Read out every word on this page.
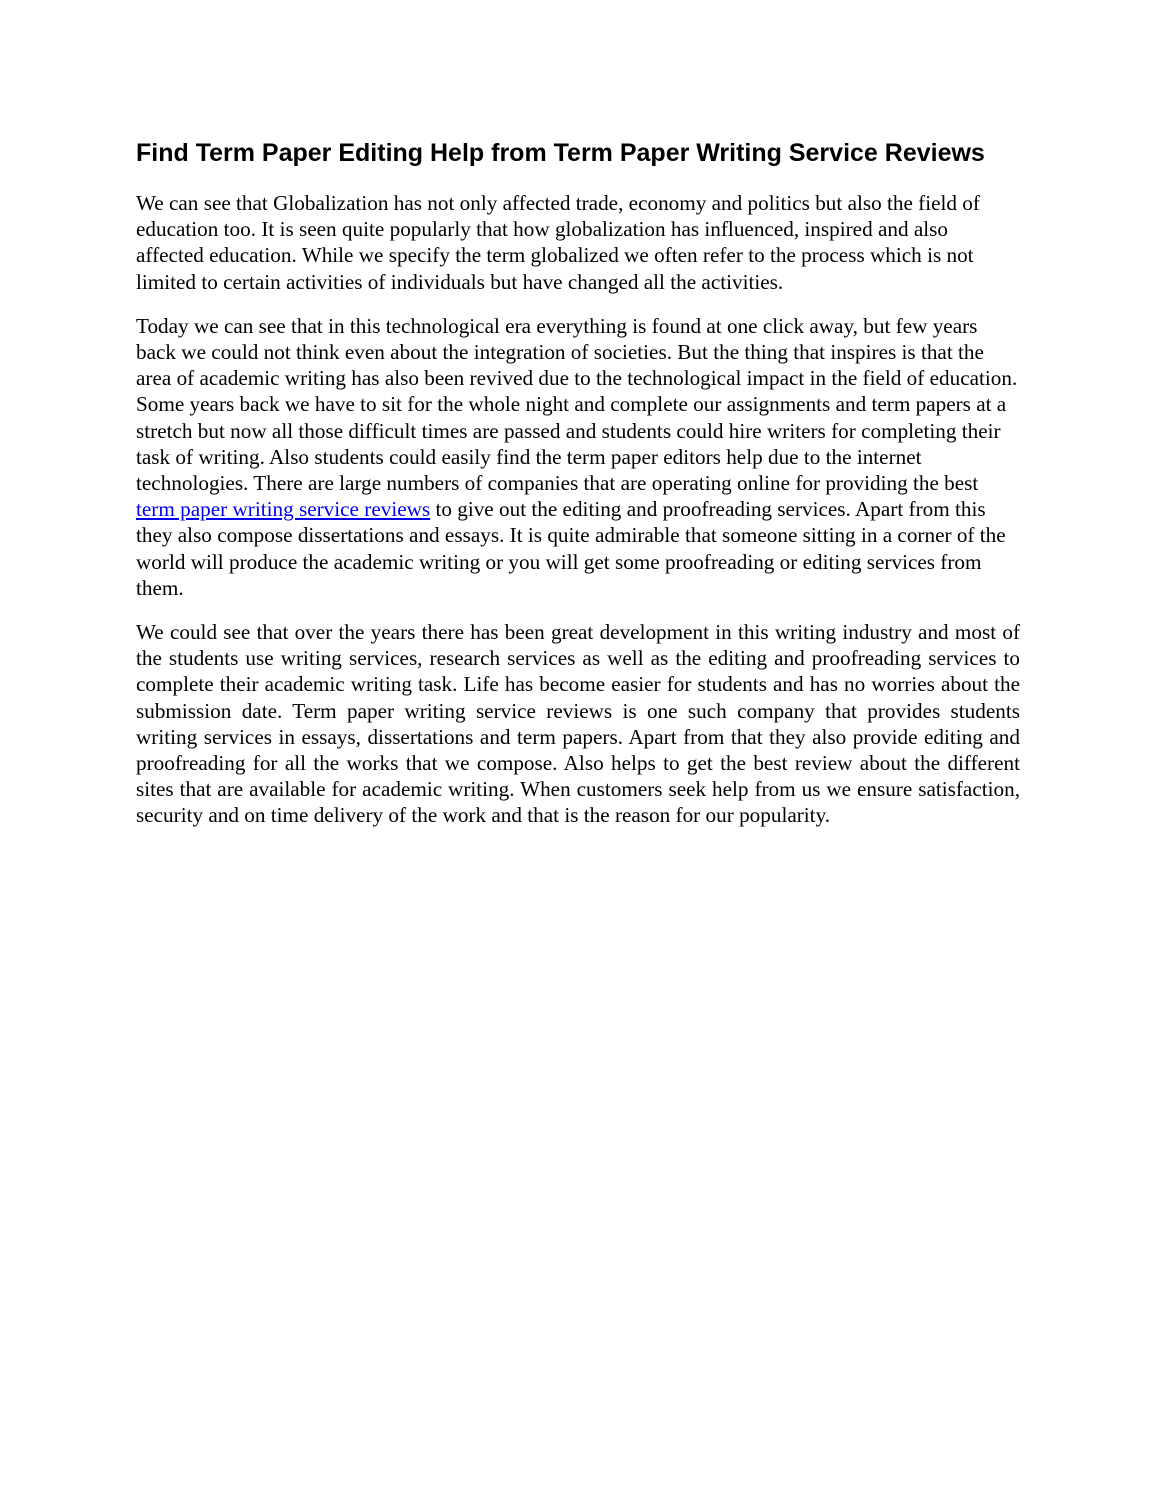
Find Term Paper Editing Help from Term Paper Writing Service Reviews

We can see that Globalization has not only affected trade, economy and politics but also the field of education too. It is seen quite popularly that how globalization has influenced, inspired and also affected education. While we specify the term globalized we often refer to the process which is not limited to certain activities of individuals but have changed all the activities.

Today we can see that in this technological era everything is found at one click away, but few years back we could not think even about the integration of societies. But the thing that inspires is that the area of academic writing has also been revived due to the technological impact in the field of education. Some years back we have to sit for the whole night and complete our assignments and term papers at a stretch but now all those difficult times are passed and students could hire writers for completing their task of writing. Also students could easily find the term paper editors help due to the internet technologies. There are large numbers of companies that are operating online for providing the best term paper writing service reviews to give out the editing and proofreading services. Apart from this they also compose dissertations and essays. It is quite admirable that someone sitting in a corner of the world will produce the academic writing or you will get some proofreading or editing services from them.

We could see that over the years there has been great development in this writing industry and most of the students use writing services, research services as well as the editing and proofreading services to complete their academic writing task. Life has become easier for students and has no worries about the submission date. Term paper writing service reviews is one such company that provides students writing services in essays, dissertations and term papers. Apart from that they also provide editing and proofreading for all the works that we compose. Also helps to get the best review about the different sites that are available for academic writing. When customers seek help from us we ensure satisfaction, security and on time delivery of the work and that is the reason for our popularity.
